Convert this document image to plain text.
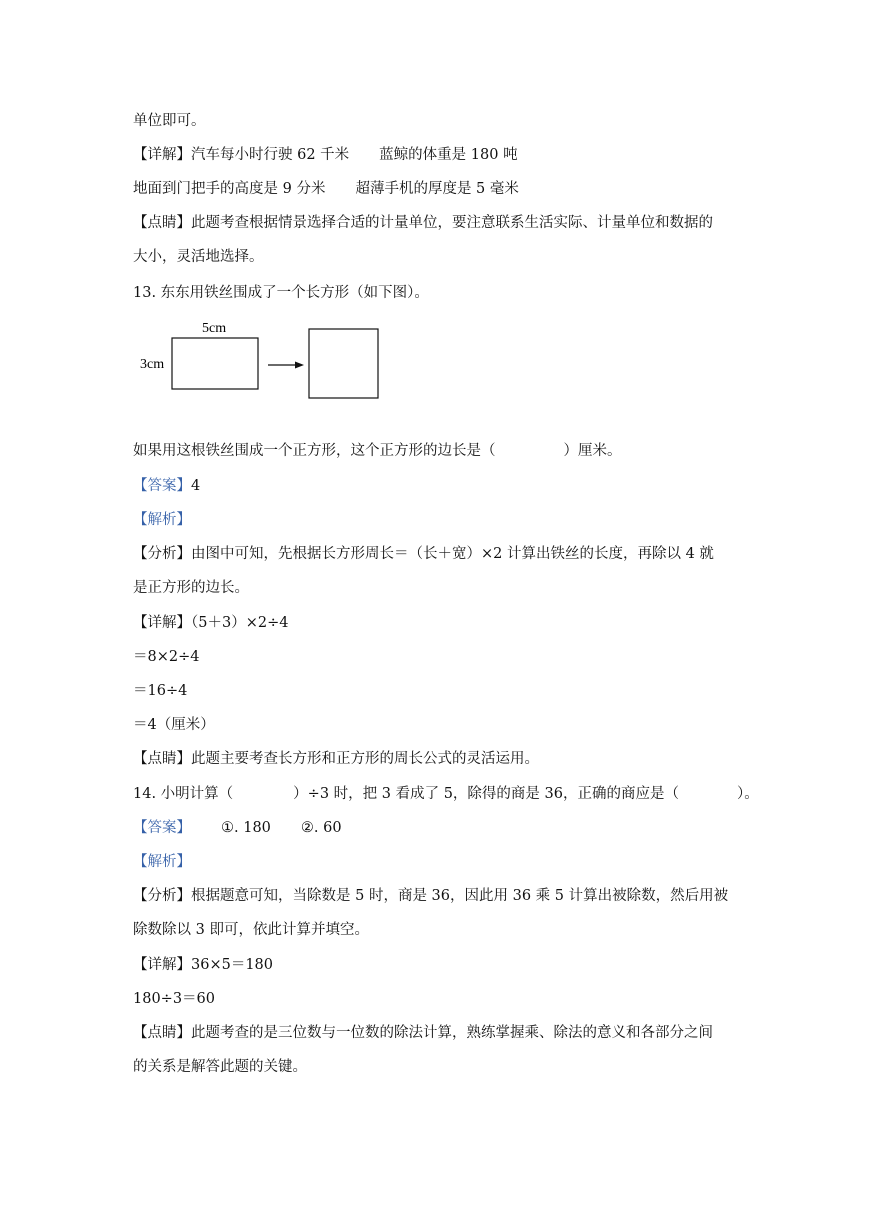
单位即可。
【详解】汽车每小时行驶 62 千米 蓝鲸的体重是 180 吨
地面到门把手的高度是 9 分米 超薄手机的厚度是 5 毫米
【点睛】此题考查根据情景选择合适的计量单位，要注意联系生活实际、计量单位和数据的
大小，灵活地选择。
13. 东东用铁丝围成了一个长方形（如下图）。
5cm
3cm
如果用这根铁丝围成一个正方形，这个正方形的边长是（	）厘米。
【答案】4
【解析】
【分析】由图中可知，先根据长方形周长＝（长＋宽）×2 计算出铁丝的长度，再除以 4 就
是正方形的边长。
【详解】（5＋3）×2÷4
＝8×2÷4
＝16÷4
＝4（厘米）
【点睛】此题主要考查长方形和正方形的周长公式的灵活运用。
14. 小明计算（	）÷3 时，把 3 看成了 5，除得的商是 36，正确的商应是（	）。
【答案】 ①. 180 ②. 60
【解析】
【分析】根据题意可知，当除数是 5 时，商是 36，因此用 36 乘 5 计算出被除数，然后用被
除数除以 3 即可，依此计算并填空。
【详解】36×5＝180
180÷3＝60
【点睛】此题考查的是三位数与一位数的除法计算，熟练掌握乘、除法的意义和各部分之间
的关系是解答此题的关键。
